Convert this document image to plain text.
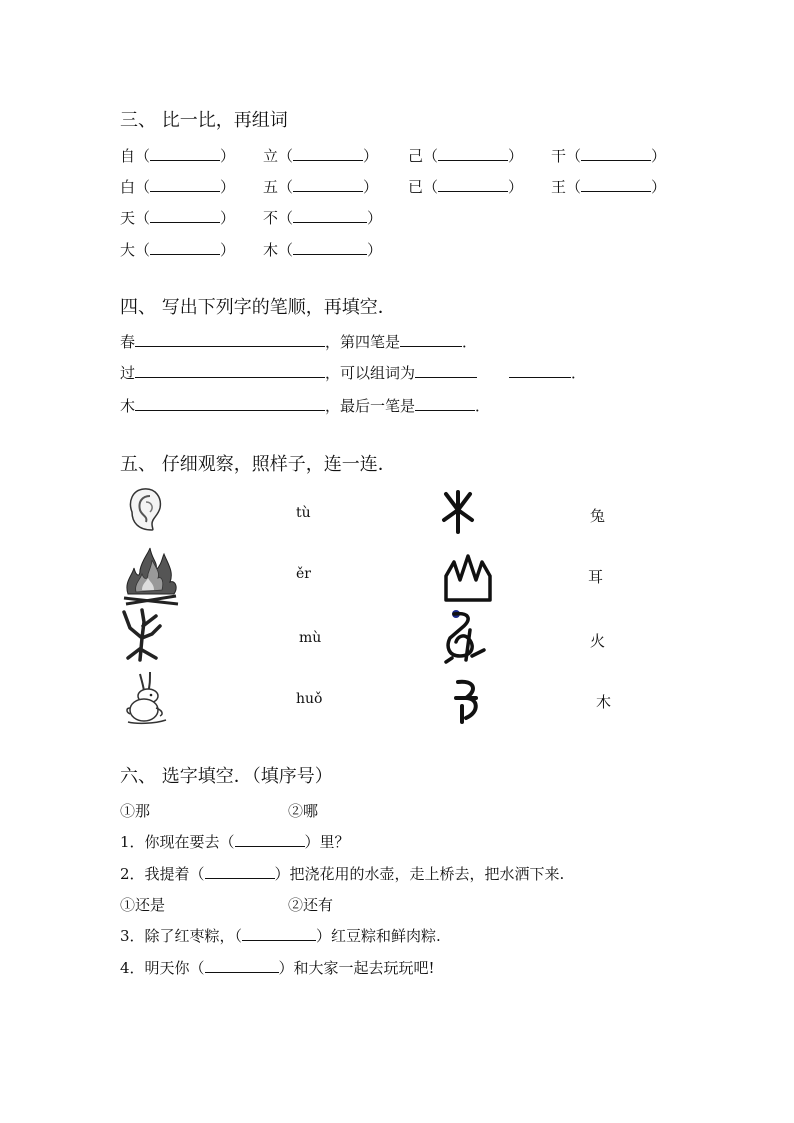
三、 比一比，再组词
自（	） 立（	） 己（	） 干（	）
白（	） 五（	） 已（	） 王（	）
天（	） 不（	）
大（	） 木（	）
四、 写出下列字的笔顺，再填空．
春	，第四笔是	．
过	，可以组词为	．
木	，最后一笔是	．
五、 仔细观察，照样子，连一连．
tù
ěr
mù
huǒ
兔
耳
火
木
六、 选字填空．（填序号）
①那	②哪
1．你现在要去（	）里？
2．我提着（	）把浇花用的水壶，走上桥去，把水洒下来.
①还是	②还有
3．除了红枣粽，（	）红豆粽和鲜肉粽.
4．明天你（	）和大家一起去玩玩吧!
